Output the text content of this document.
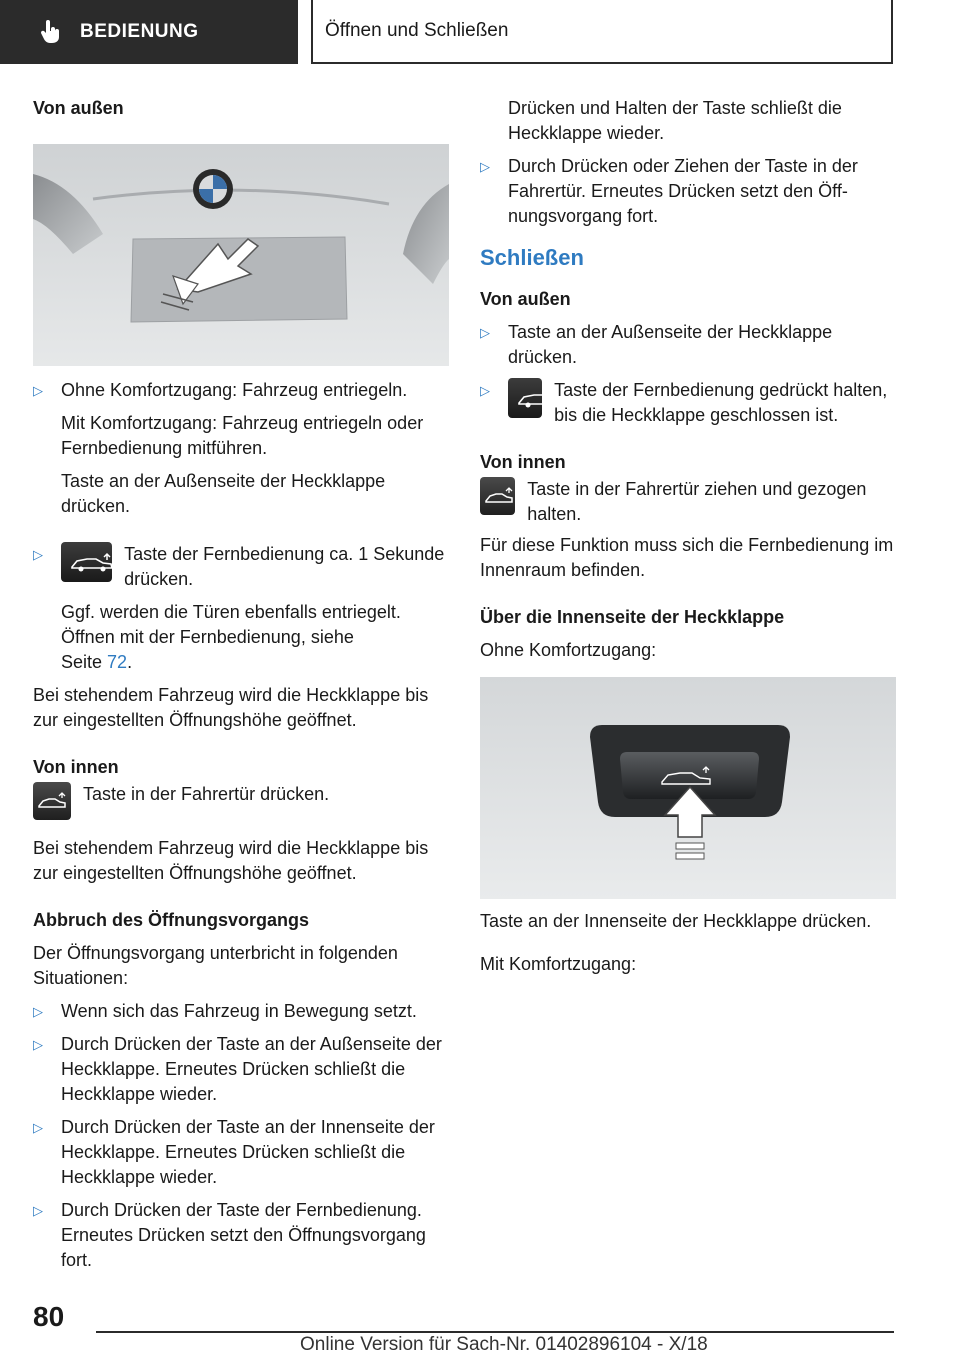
BEDIENUNG	Öffnen und Schließen

Von außen

▷ Ohne Komfortzugang: Fahrzeug entriegeln.

Mit Komfortzugang: Fahrzeug entriegeln oder Fernbedienung mitführen.

Taste an der Außenseite der Heckklappe drücken.

▷	Taste der Fernbedienung ca. 1 Sekunde drücken.

Ggf. werden die Türen ebenfalls entriegelt. Öffnen mit der Fernbedienung, siehe
Seite 72.

Bei stehendem Fahrzeug wird die Heckklappe bis zur eingestellten Öffnungshöhe geöffnet.

Von innen

Taste in der Fahrertür drücken.

Bei stehendem Fahrzeug wird die Heckklappe bis zur eingestellten Öffnungshöhe geöffnet.

Abbruch des Öffnungsvorgangs

Der Öffnungsvorgang unterbricht in folgenden Situationen:

▷ Wenn sich das Fahrzeug in Bewegung setzt.

▷ Durch Drücken der Taste an der Außenseite der Heckklappe. Erneutes Drücken schließt die Heckklappe wieder.

▷ Durch Drücken der Taste an der Innenseite der Heckklappe. Erneutes Drücken schließt die Heckklappe wieder.

▷ Durch Drücken der Taste der Fernbedienung. Erneutes Drücken setzt den Öffnungsvorgang fort.

Drücken und Halten der Taste schließt die Heckklappe wieder.

▷ Durch Drücken oder Ziehen der Taste in der Fahrertür. Erneutes Drücken setzt den Öffnungsvorgang fort.

Schließen

Von außen

▷ Taste an der Außenseite der Heckklappe drücken.

▷	Taste der Fernbedienung gedrückt halten, bis die Heckklappe geschlossen ist.

Von innen

Taste in der Fahrertür ziehen und gezogen halten.

Für diese Funktion muss sich die Fernbedienung im Innenraum befinden.

Über die Innenseite der Heckklappe

Ohne Komfortzugang:

Taste an der Innenseite der Heckklappe drücken.

Mit Komfortzugang:

80
Online Version für Sach-Nr. 01402896104 - X/18
